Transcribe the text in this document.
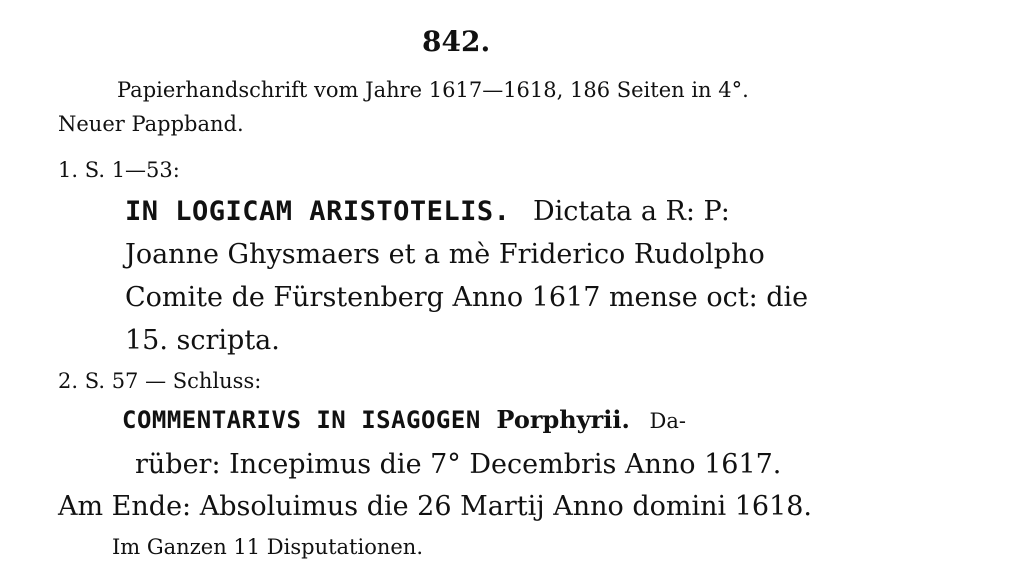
842.
Papierhandschrift vom Jahre 1617—1618, 186 Seiten in 4°.
Neuer Pappband.
1. S. 1—53:
IN LOGICAM ARISTOTELIS. Dictata a R: P:
Joanne Ghysmaers et a mè Friderico Rudolpho
Comite de Fürstenberg Anno 1617 mense oct: die
15. scripta.
2. S. 57 — Schluss:
COMMENTARIVS IN ISAGOGEN Porphyrii. Da-
rüber: Incepimus die 7° Decembris Anno 1617.
Am Ende: Absoluimus die 26 Martij Anno domini 1618.
Im Ganzen 11 Disputationen.
